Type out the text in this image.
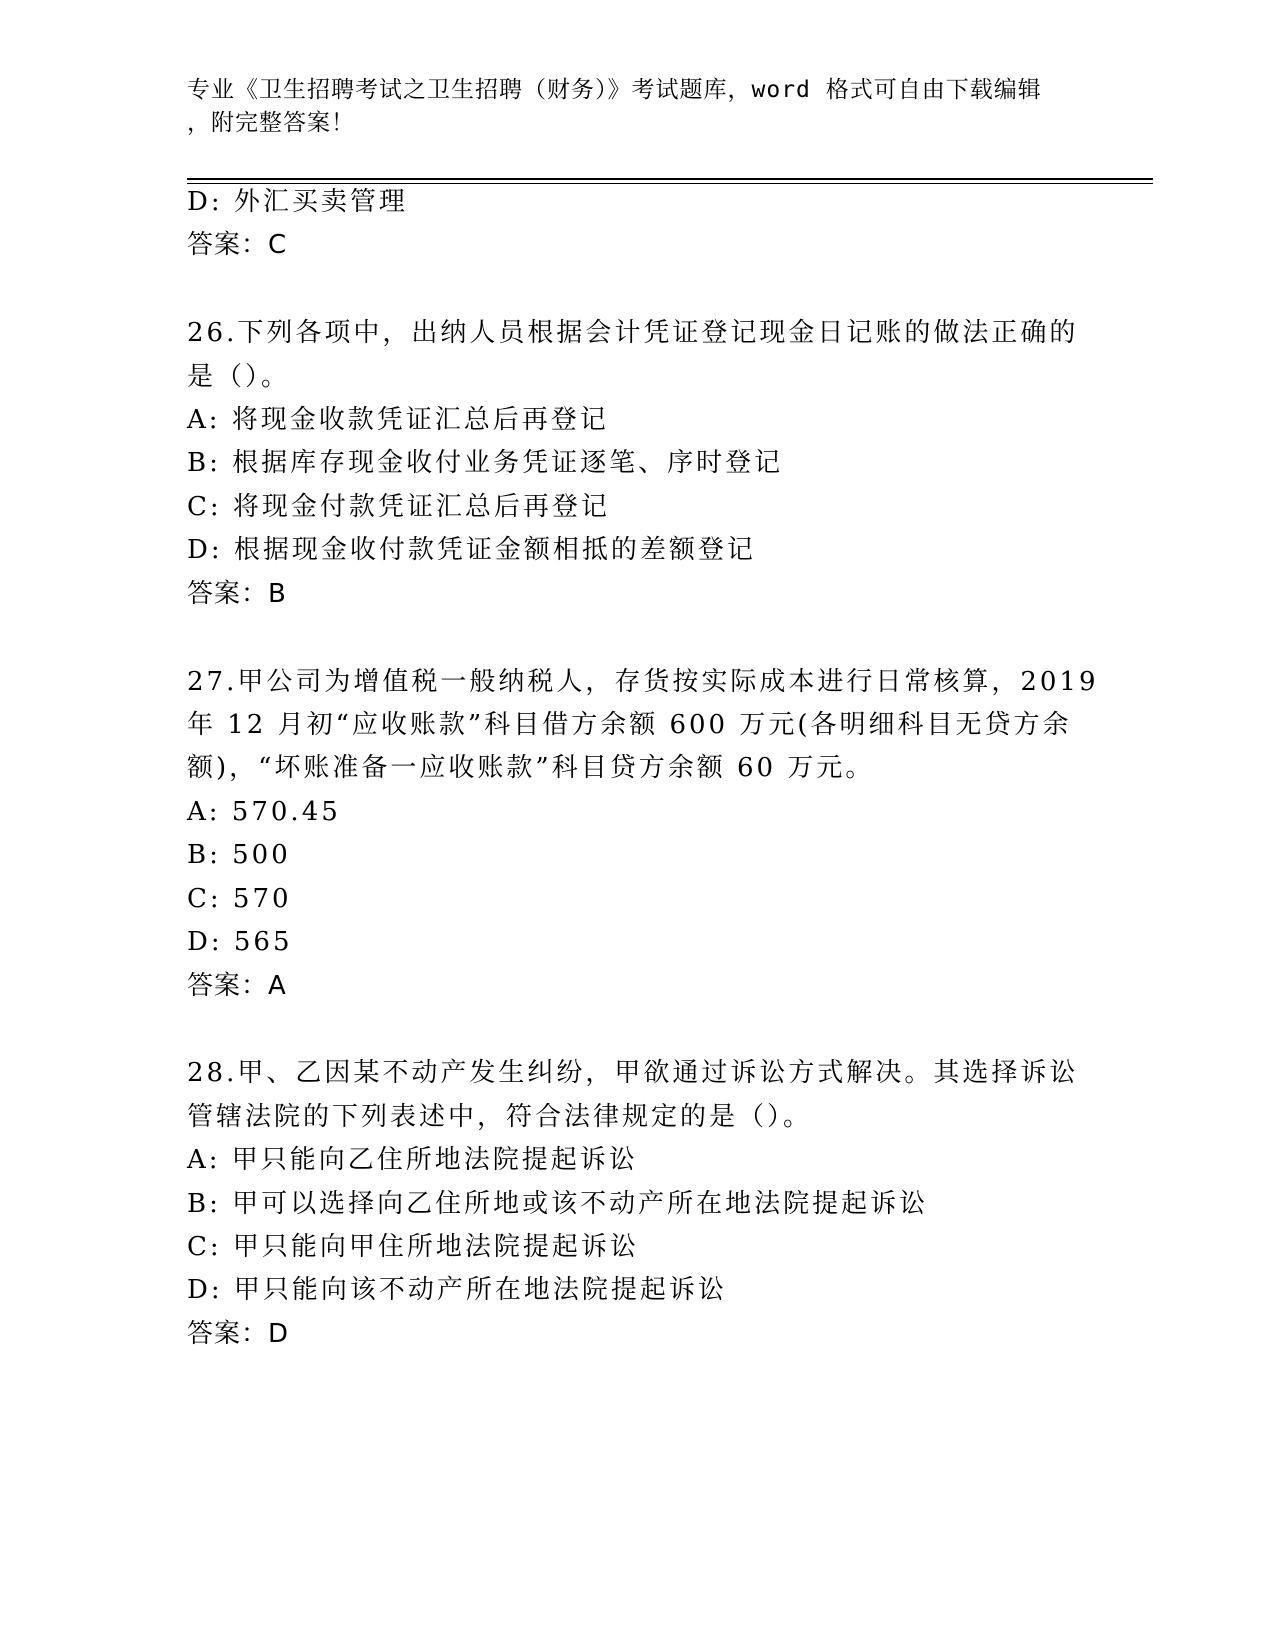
专业《卫生招聘考试之卫生招聘（财务）》考试题库，word 格式可自由下载编辑
，附完整答案！
D: 外汇买卖管理
答案：C
26.下列各项中，出纳人员根据会计凭证登记现金日记账的做法正确的
是（）。
A: 将现金收款凭证汇总后再登记
B: 根据库存现金收付业务凭证逐笔、序时登记
C: 将现金付款凭证汇总后再登记
D: 根据现金收付款凭证金额相抵的差额登记
答案：B
27.甲公司为增值税一般纳税人，存货按实际成本进行日常核算，2019
年 12 月初“应收账款”科目借方余额 600 万元(各明细科目无贷方余
额)，“坏账准备一应收账款”科目贷方余额 60 万元。
A: 570.45
B: 500
C: 570
D: 565
答案：A
28.甲、乙因某不动产发生纠纷，甲欲通过诉讼方式解决。其选择诉讼
管辖法院的下列表述中，符合法律规定的是（）。
A: 甲只能向乙住所地法院提起诉讼
B: 甲可以选择向乙住所地或该不动产所在地法院提起诉讼
C: 甲只能向甲住所地法院提起诉讼
D: 甲只能向该不动产所在地法院提起诉讼
答案：D
